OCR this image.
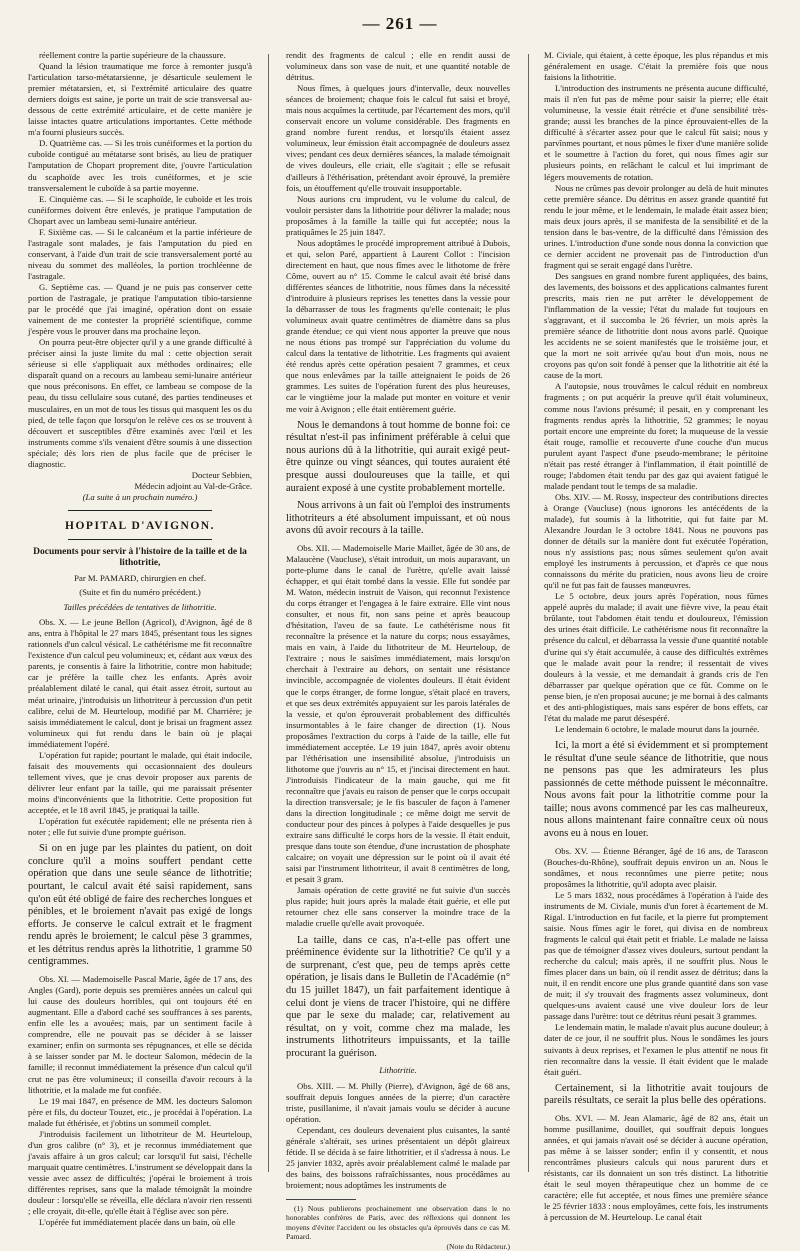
— 261 —

réellement contre la partie supérieure de la chaussure.

Quand la lésion traumatique me force à remonter jusqu'à l'articulation tarso-métatarsienne, je désarticule seulement le premier métatarsien, et, si l'extrémité articulaire des quatre derniers doigts est saine, je porte un trait de scie transversal au-dessous de cette extrémité articulaire, et de cette manière je laisse intactes quatre articulations importantes. Cette méthode m'a fourni plusieurs succès.

D. Quatrième cas. — Si les trois cunéiformes et la portion du cuboïde contigué au métatarse sont brisés, au lieu de pratiquer l'amputation de Chopart proprement dite, j'ouvre l'articulation du scaphoïde avec les trois cunéiformes, et je scie transversalement le cuboïde à sa partie moyenne.

E. Cinquième cas. — Si le scaphoïde, le cuboïde et les trois cunéiformes doivent être enlevés, je pratique l'amputation de Chopart avec un lambeau semi-lunaire antérieur.

F. Sixième cas. — Si le calcanéum et la partie inférieure de l'astragale sont malades, je fais l'amputation du pied en conservant, à l'aide d'un trait de scie transversalement porté au niveau du sommet des malléoles, la portion trochléenne de l'astragale.

G. Septième cas. — Quand je ne puis pas conserver cette portion de l'astragale, je pratique l'amputation tibio-tarsienne par le procédé que j'ai imaginé, opération dont on essaie vainement de me contester la propriété scientifique, comme j'espère vous le prouver dans ma prochaine leçon.

On pourra peut-être objecter qu'il y a une grande difficulté à préciser ainsi la juste limite du mal : cette objection serait sérieuse si elle s'appliquait aux méthodes ordinaires; elle disparaît quand on a recours au lambeau semi-lunaire antérieur que nous préconisons. En effet, ce lambeau se compose de la peau, du tissu cellulaire sous cutané, des parties tendineuses et musculaires, en un mot de tous les tissus qui masquent les os du pied, de telle façon que lorsqu'on le relève ces os se trouvent à découvert et susceptibles d'être examinés avec l'œil et les instruments comme s'ils venaient d'être soumis à une dissection spéciale; dès lors rien de plus facile que de préciser le diagnostic.

Docteur Sebbien,

Médecin adjoint au Val-de-Grâce.

(La suite à un prochain numéro.)

HOPITAL D'AVIGNON.

Documents pour servir à l'histoire de la taille et de la lithotritie,

Par M. PAMARD, chirurgien en chef.

(Suite et fin du numéro précédent.)

Tailles précédées de tentatives de lithotritie.

Obs. X. — Le jeune Bellon (Agricol), d'Avignon, âgé de 8 ans, entra à l'hôpital le 27 mars 1845, présentant tous les signes rationnels d'un calcul vésical. Le cathétérisme me fit reconnaître l'existence d'un calcul peu volumineux; et, cédant aux vœux des parents, je consentis à faire la lithotritie, contre mon habitude; car je préfère la taille chez les enfants. Après avoir préalablement dilaté le canal, qui était assez étroit, surtout au méat urinaire, j'introduisis un lithotriteur à percussion d'un petit calibre, celui de M. Heurteloup, modifié par M. Charrière; je saisis immédiatement le calcul, dont je brisai un fragment assez volumineux qui fut rendu dans le bain où je plaçai immédiatement l'opéré.

L'opération fut rapide; pourtant le malade, qui était indocile, faisait des mouvements qui occasionnaient des douleurs tellement vives, que je crus devoir proposer aux parents de délivrer leur enfant par la taille, qui me paraissait présenter moins d'inconvénients que la lithotritie. Cette proposition fut acceptée, et le 18 avril 1845, je pratiquai la taille.

L'opération fut exécutée rapidement; elle ne présenta rien à noter ; elle fut suivie d'une prompte guérison.

Si on en juge par les plaintes du patient, on doit conclure qu'il a moins souffert pendant cette opération que dans une seule séance de lithotritie; pourtant, le calcul avait été saisi rapidement, sans qu'on eût été obligé de faire des recherches longues et pénibles, et le broiement n'avait pas exigé de longs efforts. Je conserve le calcul extrait et le fragment rendu après le broiement; le calcul pèse 3 grammes, et les détritus rendus après la lithotritie, 1 gramme 50 centigrammes.

Obs. XI. — Mademoiselle Pascal Marie, âgée de 17 ans, des Angles (Gard), porte depuis ses premières années un calcul qui lui cause des douleurs horribles, qui ont toujours été en augmentant. Elle a d'abord caché ses souffrances à ses parents, enfin elle les a avouées; mais, par un sentiment facile à comprendre, elle ne pouvait pas se décider à se laisser examiner; enfin on surmonta ses répugnances, et elle se décida à se laisser sonder par M. le docteur Salomon, médecin de la famille; il reconnut immédiatement la présence d'un calcul qu'il crut ne pas être volumineux; il conseilla d'avoir recours à la lithotritie, et la malade me fut confiée.

Le 19 mai 1847, en présence de MM. les docteurs Salomon père et fils, du docteur Touzet, etc., je procédai à l'opération. La malade fut éthérisée, et j'obtins un sommeil complet.

J'introduisis facilement un lithotriteur de M. Heurteloup, d'un gros calibre (n° 3), et je reconnus immédiatement que j'avais affaire à un gros calcul; car lorsqu'il fut saisi, l'échelle marquait quatre centimètres. L'instrument se développait dans la vessie avec assez de difficultés; j'opérai le broiement à trois différentes reprises, sans que la malade témoignât la moindre douleur : lorsqu'elle se réveilla, elle déclara n'avoir rien ressenti ; elle croyait, dit-elle, qu'elle était à l'église avec son père.

L'opérée fut immédiatement placée dans un bain, où elle

rendit des fragments de calcul ; elle en rendit aussi de volumineux dans son vase de nuit, et une quantité notable de détritus.

Nous fîmes, à quelques jours d'intervalle, deux nouvelles séances de broiement; chaque fois le calcul fut saisi et broyé, mais nous acquîmes la certitude, par l'écartement des mors, qu'il conservait encore un volume considérable. Des fragments en grand nombre furent rendus, et lorsqu'ils étaient assez volumineux, leur émission était accompagnée de douleurs assez vives; pendant ces deux dernières séances, la malade témoignait de vives douleurs, elle criait, elle s'agitait ; elle se refusait d'ailleurs à l'éthérisation, prétendant avoir éprouvé, la première fois, un étouffement qu'elle trouvait insupportable.

Nous aurions cru imprudent, vu le volume du calcul, de vouloir persister dans la lithotritie pour délivrer la malade; nous proposâmes à la famille la taille qui fut acceptée; nous la pratiquâmes le 25 juin 1847.

Nous adoptâmes le procédé improprement attribué à Dubois, et qui, selon Paré, appartient à Laurent Collot : l'incision directement en haut, que nous fîmes avec le lithotome de frère Côme, ouvert au n° 15. Comme le calcul avait été brisé dans différentes séances de lithotritie, nous fûmes dans la nécessité d'introduire à plusieurs reprises les tenettes dans la vessie pour la débarrasser de tous les fragments qu'elle contenait; le plus volumineux avait quatre centimètres de diamètre dans sa plus grande étendue; ce qui vient nous apporter la preuve que nous ne nous étions pas trompé sur l'appréciation du volume du calcul dans la tentative de lithotritie. Les fragments qui avaient été rendus après cette opération pesaient 7 grammes, et ceux que nous enlevâmes par la taille atteignaient le poids de 26 grammes. Les suites de l'opération furent des plus heureuses, car le vingtième jour la malade put monter en voiture et venir me voir à Avignon ; elle était entièrement guérie.

Nous le demandons à tout homme de bonne foi: ce résultat n'est-il pas infiniment préférable à celui que nous aurions dû à la lithotritie, qui aurait exigé peut-être quinze ou vingt séances, qui toutes auraient été presque aussi douloureuses que la taille, et qui auraient exposé à une cystite probablement mortelle.

Nous arrivons à un fait où l'emploi des instruments lithotriteurs a été absolument impuissant, et où nous avons dû avoir recours à la taille.

Obs. XII. — Mademoiselle Marie Maillet, âgée de 30 ans, de Malaucène (Vaucluse), s'était introduit, un mois auparavant, un porte-plume dans le canal de l'urètre, qu'elle avait laissé échapper, et qui était tombé dans la vessie. Elle fut sondée par M. Waton, médecin instruit de Vaison, qui reconnut l'existence du corps étranger et l'engagea à le faire extraire. Elle vint nous consulter, et nous fit, non sans peine et après beaucoup d'hésitation, l'aveu de sa faute. Le cathétérisme nous fit reconnaître la présence et la nature du corps; nous essayâmes, mais en vain, à l'aide du lithotriteur de M. Heurteloup, de l'extraire ; nous le saisîmes immédiatement, mais lorsqu'on cherchait à l'extraire au dehors, on sentait une résistance invincible, accompagnée de violentes douleurs. Il était évident que le corps étranger, de forme longue, s'était placé en travers, et que ses deux extrémités appuyaient sur les parois latérales de la vessie, et qu'on éprouverait probablement des difficultés insurmontables à le faire changer de direction (1). Nous proposâmes l'extraction du corps à l'aide de la taille, elle fut immédiatement acceptée. Le 19 juin 1847, après avoir obtenu par l'éthérisation une insensibilité absolue, j'introduisis un lithotome que j'ouvris au n° 15, et j'incisai directement en haut. J'introduisis l'indicateur de la main gauche, qui me fit reconnaître que j'avais eu raison de penser que le corps occupait la direction transversale; je le fis basculer de façon à l'amener dans la direction longitudinale ; ce même doigt me servit de conducteur pour des pinces à polypes à l'aide desquelles je pus extraire sans difficulté le corps hors de la vessie. Il était enduit, presque dans toute son étendue, d'une incrustation de phosphate calcaire; on voyait une dépression sur le point où il avait été saisi par l'instrument lithotriteur, il avait 8 centimètres de long, et pesait 3 gram.

Jamais opération de cette gravité ne fut suivie d'un succès plus rapide; huit jours après la malade était guérie, et elle put retourner chez elle sans conserver la moindre trace de la maladie cruelle qu'elle avait provoquée.

La taille, dans ce cas, n'a-t-elle pas offert une prééminence évidente sur la lithotritie? Ce qu'il y a de surprenant, c'est que, peu de temps après cette opération, je lisais dans le Bulletin de l'Académie (n° du 15 juillet 1847), un fait parfaitement identique à celui dont je viens de tracer l'histoire, qui ne diffère que par le sexe du malade; car, relativement au résultat, on y voit, comme chez ma malade, les instruments lithotriteurs impuissants, et la taille procurant la guérison.

Lithotritie.

Obs. XIII. — M. Philly (Pierre), d'Avignon, âgé de 68 ans, souffrait depuis longues années de la pierre; d'un caractère triste, pusillanime, il n'avait jamais voulu se décider à aucune opération.

Cependant, ces douleurs devenaient plus cuisantes, la santé générale s'altérait, ses urines présentaient un dépôt glaireux fétide. Il se décida à se faire lithotritier, et il s'adressa à nous. Le 25 janvier 1832, après avoir préalablement calmé le malade par des bains, des boissons rafraîchissantes, nous procédâmes au broiement; nous adoptâmes les instruments de

(1) Nous publierons prochainement une observation dans le no honorables confrères de Paris, avec des réflexions qui donnent les moyens d'éviter l'accident ou les obstacles qu'a éprouvés dans ce cas M. Pamard.

(Note du Rédacteur.)

M. Civiale, qui étaient, à cette époque, les plus répandus et mis généralement en usage. C'était la première fois que nous faisions la lithotritie.

L'introduction des instruments ne présenta aucune difficulté, mais il n'en fut pas de même pour saisir la pierre; elle était volumineuse, la vessie était rétrécie et d'une sensibilité très-grande; aussi les branches de la pince éprouvaient-elles de la difficulté à s'écarter assez pour que le calcul fût saisi; nous y parvînmes pourtant, et nous pûmes le fixer d'une manière solide et le soumettre à l'action du foret, qui nous fîmes agir sur plusieurs points, en relâchant le calcul et lui imprimant de légers mouvements de rotation.

Nous ne crûmes pas devoir prolonger au delà de huit minutes cette première séance. Du détritus en assez grande quantité fut rendu le jour même, et le lendemain, le malade était assez bien; mais deux jours après, il se manifesta de la sensibilité et de la tension dans le bas-ventre, de la difficulté dans l'émission des urines. L'introduction d'une sonde nous donna la conviction que ce dernier accident ne provenait pas de l'introduction d'un fragment qui se serait engagé dans l'urètre.

Des sangsues en grand nombre furent appliquées, des bains, des lavements, des boissons et des applications calmantes furent prescrits, mais rien ne put arrêter le développement de l'inflammation de la vessie; l'état du malade fut toujours en s'aggravant, et il succomba le 26 février, un mois après la première séance de lithotritie dont nous avons parlé. Quoique les accidents ne se soient manifestés que le troisième jour, et que la mort ne soit arrivée qu'au bout d'un mois, nous ne croyons pas qu'on soit fondé à penser que la lithotritie ait été la cause de la mort.

A l'autopsie, nous trouvâmes le calcul réduit en nombreux fragments ; on put acquérir la preuve qu'il était volumineux, comme nous l'avions présumé; il pesait, en y comprenant les fragments rendus après la lithotritie, 52 grammes; le noyau portait encore une empreinte du foret; la muqueuse de la vessie était rouge, ramollie et recouverte d'une couche d'un mucus purulent ayant l'aspect d'une pseudo-membrane; le péritoine n'était pas resté étranger à l'inflammation, il était pointillé de rouge; l'abdomen était tendu par des gaz qui avaient fatigué le malade pendant tout le temps de sa maladie.

Obs. XIV. — M. Rossy, inspecteur des contributions directes à Orange (Vaucluse) (nous ignorons les antécédents de la malade), fut soumis à la lithotritie, qui fut faite par M. Alexandre Jourdan le 3 octobre 1841. Nous ne pouvons pas donner de détails sur la manière dont fut exécutée l'opération, nous n'y assistions pas; nous sûmes seulement qu'on avait employé les instruments à percussion, et d'après ce que nous connaissons du mérite du praticien, nous avons lieu de croire qu'il ne fut pas fait de fausses manœuvres.

Le 5 octobre, deux jours après l'opération, nous fûmes appelé auprès du malade; il avait une fièvre vive, la peau était brûlante, tout l'abdomen était tendu et douloureux, l'émission des urines était difficile. Le cathétérisme nous fit reconnaître la présence du calcul, et débarrassa la vessie d'une quantité notable d'urine qui s'y était accumulée, à cause des difficultés extrêmes que le malade avait pour la rendre; il ressentait de vives douleurs à la vessie, et me demandait à grands cris de l'en débarrasser par quelque opération que ce fût. Comme on le pense bien, je n'en proposai aucune; je me bornai à des calmants et des anti-phlogistiques, mais sans espérer de bons effets, car l'état du malade me parut désespéré.

Le lendemain 6 octobre, le malade mourut dans la journée.

Ici, la mort a été si évidemment et si promptement le résultat d'une seule séance de lithotritie, que nous ne pensons pas que les admirateurs les plus passionnés de cette méthode puissent le méconnaître. Nous avons fait pour la lithotritie comme pour la taille; nous avons commencé par les cas malheureux, nous allons maintenant faire connaître ceux où nous avons eu à nous en louer.

Obs. XV. — Étienne Béranger, âgé de 16 ans, de Tarascon (Bouches-du-Rhône), souffrait depuis environ un an. Nous le sondâmes, et nous reconnûmes une pierre petite; nous proposâmes la lithotritie, qu'il adopta avec plaisir.

Le 5 mars 1832, nous procédâmes à l'opération à l'aide des instruments de M. Civiale, munis d'un foret à écartement de M. Rigal. L'introduction en fut facile, et la pierre fut promptement saisie. Nous fîmes agir le foret, qui divisa en de nombreux fragments le calcul qui était petit et friable. Le malade ne laissa pas que de témoigner d'assez vives douleurs, surtout pendant la recherche du calcul; mais après, il ne souffrit plus. Nous le fîmes placer dans un bain, où il rendit assez de détritus; dans la nuit, il en rendit encore une plus grande quantité dans son vase de nuit; il s'y trouvait des fragments assez volumineux, dont quelques-uns avaient causé une vive douleur lors de leur passage dans l'urètre: tout ce détritus réuni pesait 3 grammes.

Le lendemain matin, le malade n'avait plus aucune douleur; à dater de ce jour, il ne souffrit plus. Nous le sondâmes les jours suivants à deux reprises, et l'examen le plus attentif ne nous fit rien reconnaître dans la vessie. Il était évident que le malade était guéri.

Certainement, si la lithotritie avait toujours de pareils résultats, ce serait la plus belle des opérations.

Obs. XVI. — M. Jean Alamaric, âgé de 82 ans, était un homme pusillanime, douillet, qui souffrait depuis longues années, et qui jamais n'avait osé se décider à aucune opération, pas même à se laisser sonder; enfin il y consentit, et nous rencontrâmes plusieurs calculs qui nous parurent durs et résistants, car ils donnaient un son très distinct. La lithotritie était le seul moyen thérapeutique chez un homme de ce caractère; elle fut acceptée, et nous fîmes une première séance le 25 février 1833 : nous employâmes, cette fois, les instruments à percussion de M. Heurteloup. Le canal était
